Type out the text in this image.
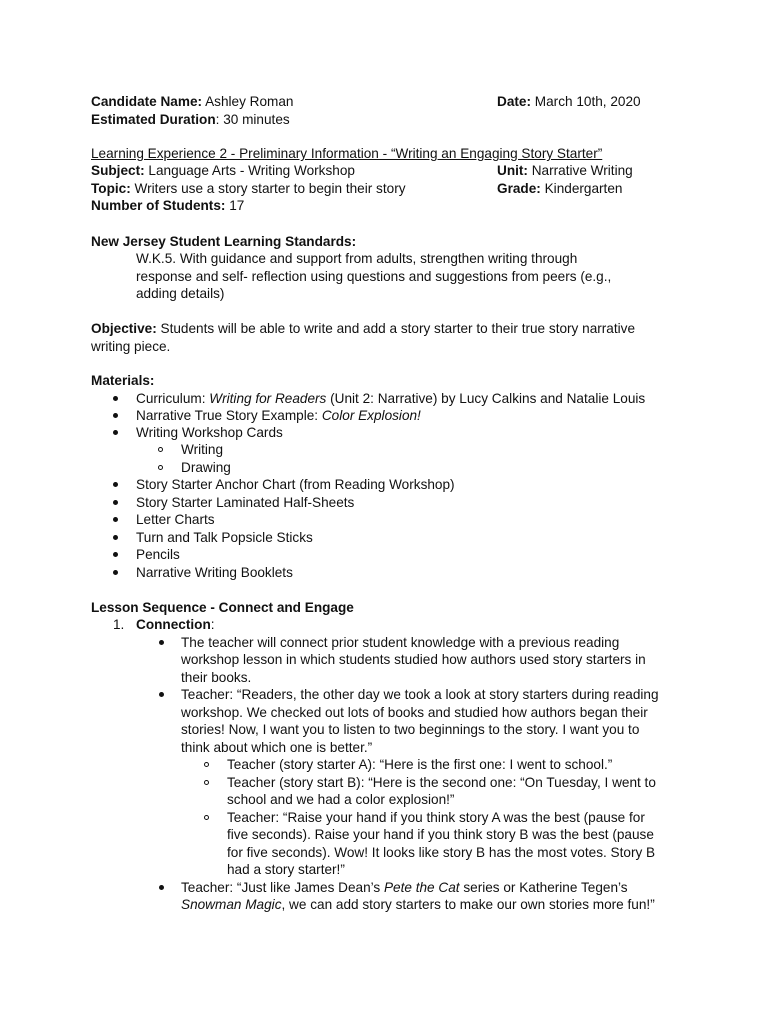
Candidate Name: Ashley Roman	Date: March 10th, 2020
Estimated Duration: 30 minutes
Learning Experience 2 - Preliminary Information - “Writing an Engaging Story Starter”
Subject: Language Arts - Writing Workshop	Unit: Narrative Writing
Topic: Writers use a story starter to begin their story	Grade: Kindergarten
Number of Students: 17
New Jersey Student Learning Standards:
W.K.5. With guidance and support from adults, strengthen writing through
response and self- reflection using questions and suggestions from peers (e.g.,
adding details)
Objective: Students will be able to write and add a story starter to their true story narrative
writing piece.
Materials:
Curriculum: Writing for Readers (Unit 2: Narrative) by Lucy Calkins and Natalie Louis
Narrative True Story Example: Color Explosion!
Writing Workshop Cards
Writing
Drawing
Story Starter Anchor Chart (from Reading Workshop)
Story Starter Laminated Half-Sheets
Letter Charts
Turn and Talk Popsicle Sticks
Pencils
Narrative Writing Booklets
Lesson Sequence - Connect and Engage
1. Connection:
The teacher will connect prior student knowledge with a previous reading
workshop lesson in which students studied how authors used story starters in
their books.
Teacher: “Readers, the other day we took a look at story starters during reading
workshop. We checked out lots of books and studied how authors began their
stories! Now, I want you to listen to two beginnings to the story. I want you to
think about which one is better.”
Teacher (story starter A): “Here is the first one: I went to school.”
Teacher (story start B): “Here is the second one: “On Tuesday, I went to
school and we had a color explosion!”
Teacher: “Raise your hand if you think story A was the best (pause for
five seconds). Raise your hand if you think story B was the best (pause
for five seconds). Wow! It looks like story B has the most votes. Story B
had a story starter!”
Teacher: “Just like James Dean’s Pete the Cat series or Katherine Tegen’s
Snowman Magic, we can add story starters to make our own stories more fun!”
